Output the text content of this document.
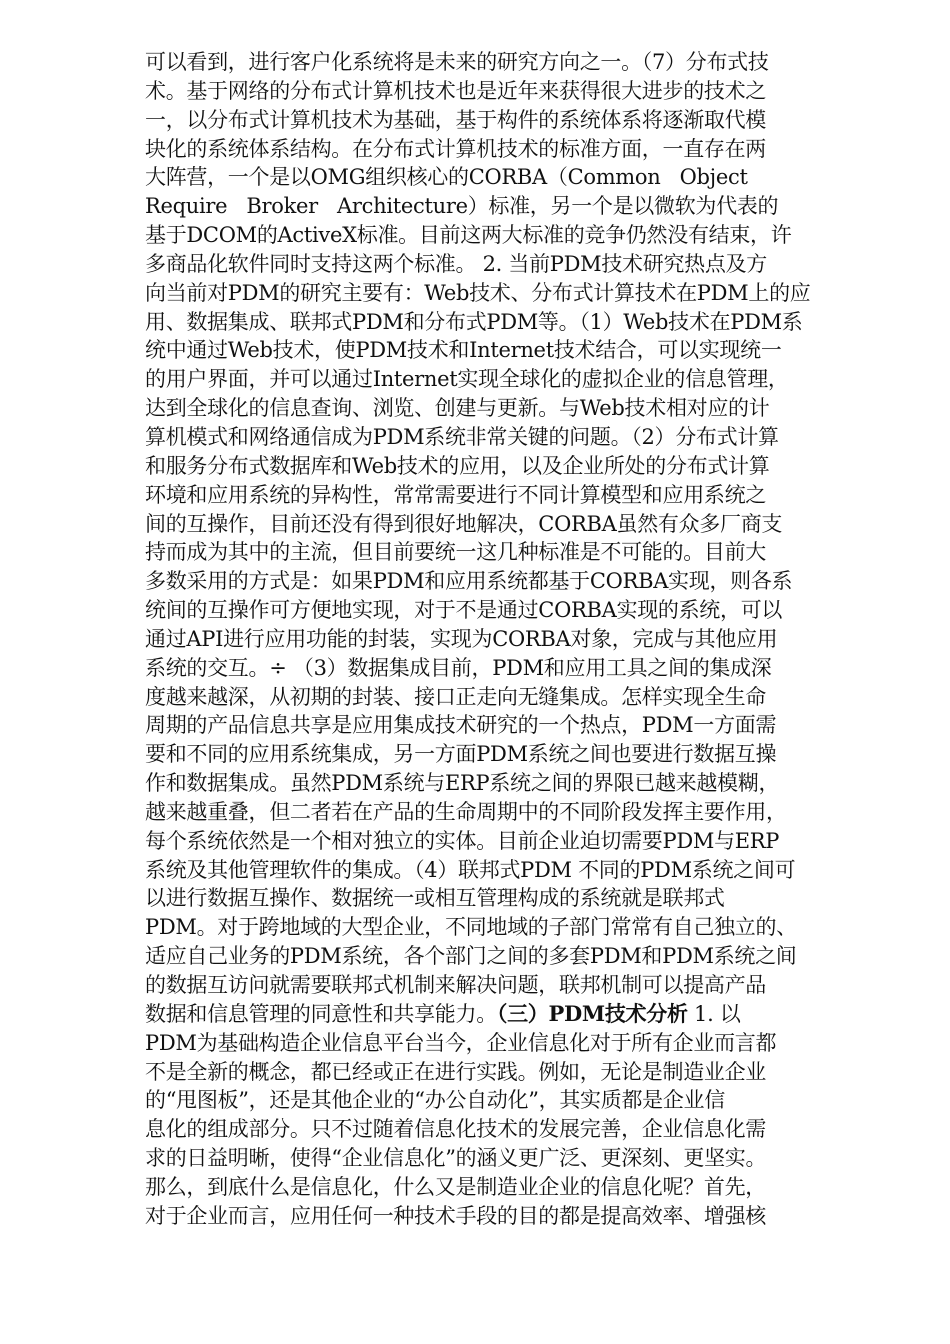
可以看到，进行客户化系统将是未来的研究方向之一。（7）分布式技
术。基于网络的分布式计算机技术也是近年来获得很大进步的技术之
一，以分布式计算机技术为基础，基于构件的系统体系将逐渐取代模
块化的系统体系结构。在分布式计算机技术的标准方面，一直存在两
大阵营，一个是以OMG组织核心的CORBA（Common   Object
Require   Broker   Architecture）标准，另一个是以微软为代表的
基于DCOM的ActiveX标准。目前这两大标准的竞争仍然没有结束，许
多商品化软件同时支持这两个标准。 2. 当前PDM技术研究热点及方
向当前对PDM的研究主要有：Web技术、分布式计算技术在PDM上的应
用、数据集成、联邦式PDM和分布式PDM等。（1）Web技术在PDM系
统中通过Web技术，使PDM技术和Internet技术结合，可以实现统一
的用户界面，并可以通过Internet实现全球化的虚拟企业的信息管理，
达到全球化的信息查询、浏览、创建与更新。与Web技术相对应的计
算机模式和网络通信成为PDM系统非常关键的问题。（2）分布式计算
和服务分布式数据库和Web技术的应用，以及企业所处的分布式计算
环境和应用系统的异构性，常常需要进行不同计算模型和应用系统之
间的互操作，目前还没有得到很好地解决，CORBA虽然有众多厂商支
持而成为其中的主流，但目前要统一这几种标准是不可能的。目前大
多数采用的方式是：如果PDM和应用系统都基于CORBA实现，则各系
统间的互操作可方便地实现，对于不是通过CORBA实现的系统，可以
通过API进行应用功能的封装，实现为CORBA对象，完成与其他应用
系统的交互。÷ （3）数据集成目前，PDM和应用工具之间的集成深
度越来越深，从初期的封装、接口正走向无缝集成。怎样实现全生命
周期的产品信息共享是应用集成技术研究的一个热点，PDM一方面需
要和不同的应用系统集成，另一方面PDM系统之间也要进行数据互操
作和数据集成。虽然PDM系统与ERP系统之间的界限已越来越模糊，
越来越重叠，但二者若在产品的生命周期中的不同阶段发挥主要作用，
每个系统依然是一个相对独立的实体。目前企业迫切需要PDM与ERP
系统及其他管理软件的集成。（4）联邦式PDM 不同的PDM系统之间可
以进行数据互操作、数据统一或相互管理构成的系统就是联邦式
PDM。对于跨地域的大型企业，不同地域的子部门常常有自己独立的、
适应自己业务的PDM系统，各个部门之间的多套PDM和PDM系统之间
的数据互访问就需要联邦式机制来解决问题，联邦机制可以提高产品
数据和信息管理的同意性和共享能力。（三）PDM技术分析 1. 以
PDM为基础构造企业信息平台当今，企业信息化对于所有企业而言都
不是全新的概念，都已经或正在进行实践。例如，无论是制造业企业
的“甩图板”，还是其他企业的“办公自动化”，其实质都是企业信
息化的组成部分。只不过随着信息化技术的发展完善，企业信息化需
求的日益明晰，使得“企业信息化”的涵义更广泛、更深刻、更坚实。
那么，到底什么是信息化，什么又是制造业企业的信息化呢？首先，
对于企业而言，应用任何一种技术手段的目的都是提高效率、增强核
